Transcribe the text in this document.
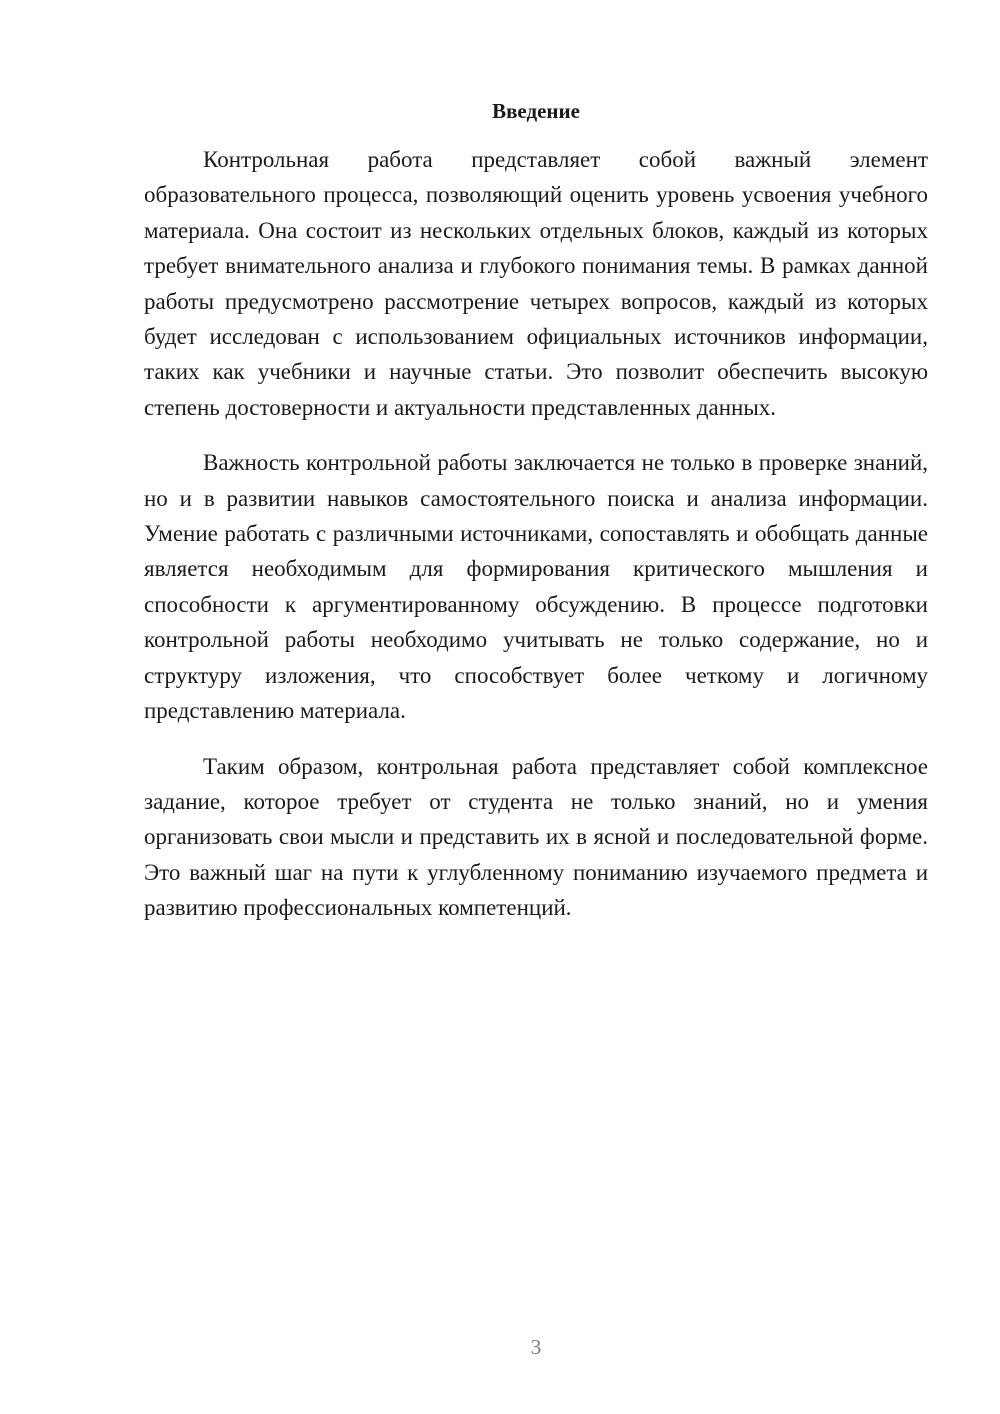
Введение

Контрольная работа представляет собой важный элемент образовательного процесса, позволяющий оценить уровень усвоения учебного материала. Она состоит из нескольких отдельных блоков, каждый из которых требует внимательного анализа и глубокого понимания темы. В рамках данной работы предусмотрено рассмотрение четырех вопросов, каждый из которых будет исследован с использованием официальных источников информации, таких как учебники и научные статьи. Это позволит обеспечить высокую степень достоверности и актуальности представленных данных.

Важность контрольной работы заключается не только в проверке знаний, но и в развитии навыков самостоятельного поиска и анализа информации. Умение работать с различными источниками, сопоставлять и обобщать данные является необходимым для формирования критического мышления и способности к аргументированному обсуждению. В процессе подготовки контрольной работы необходимо учитывать не только содержание, но и структуру изложения, что способствует более четкому и логичному представлению материала.

Таким образом, контрольная работа представляет собой комплексное задание, которое требует от студента не только знаний, но и умения организовать свои мысли и представить их в ясной и последовательной форме. Это важный шаг на пути к углубленному пониманию изучаемого предмета и развитию профессиональных компетенций.

3
